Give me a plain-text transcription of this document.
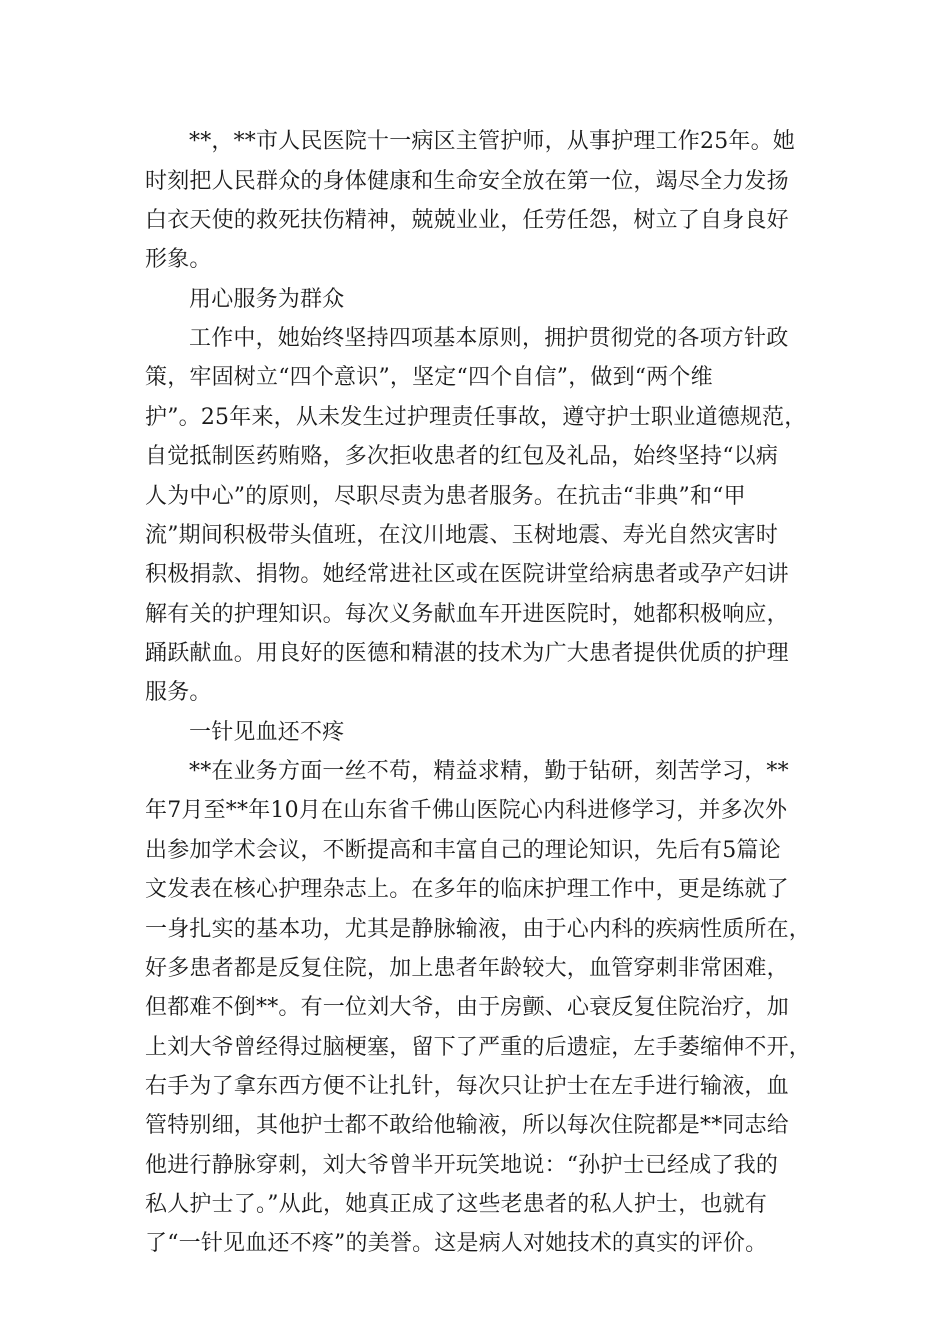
**，**市人民医院十一病区主管护师，从事护理工作25年。她
时刻把人民群众的身体健康和生命安全放在第一位，竭尽全力发扬
白衣天使的救死扶伤精神，兢兢业业，任劳任怨，树立了自身良好
形象。
用心服务为群众
工作中，她始终坚持四项基本原则，拥护贯彻党的各项方针政
策，牢固树立“四个意识”，坚定“四个自信”，做到“两个维
护”。25年来，从未发生过护理责任事故，遵守护士职业道德规范，
自觉抵制医药贿赂，多次拒收患者的红包及礼品，始终坚持“以病
人为中心”的原则，尽职尽责为患者服务。在抗击“非典”和“甲
流”期间积极带头值班，在汶川地震、玉树地震、寿光自然灾害时
积极捐款、捐物。她经常进社区或在医院讲堂给病患者或孕产妇讲
解有关的护理知识。每次义务献血车开进医院时，她都积极响应，
踊跃献血。用良好的医德和精湛的技术为广大患者提供优质的护理
服务。
一针见血还不疼
**在业务方面一丝不苟，精益求精，勤于钻研，刻苦学习，**
年7月至**年10月在山东省千佛山医院心内科进修学习，并多次外
出参加学术会议，不断提高和丰富自己的理论知识，先后有5篇论
文发表在核心护理杂志上。在多年的临床护理工作中，更是练就了
一身扎实的基本功，尤其是静脉输液，由于心内科的疾病性质所在，
好多患者都是反复住院，加上患者年龄较大，血管穿刺非常困难，
但都难不倒**。有一位刘大爷，由于房颤、心衰反复住院治疗，加
上刘大爷曾经得过脑梗塞，留下了严重的后遗症，左手萎缩伸不开，
右手为了拿东西方便不让扎针，每次只让护士在左手进行输液，血
管特别细，其他护士都不敢给他输液，所以每次住院都是**同志给
他进行静脉穿刺，刘大爷曾半开玩笑地说：“孙护士已经成了我的
私人护士了。”从此，她真正成了这些老患者的私人护士，也就有
了“一针见血还不疼”的美誉。这是病人对她技术的真实的评价。
